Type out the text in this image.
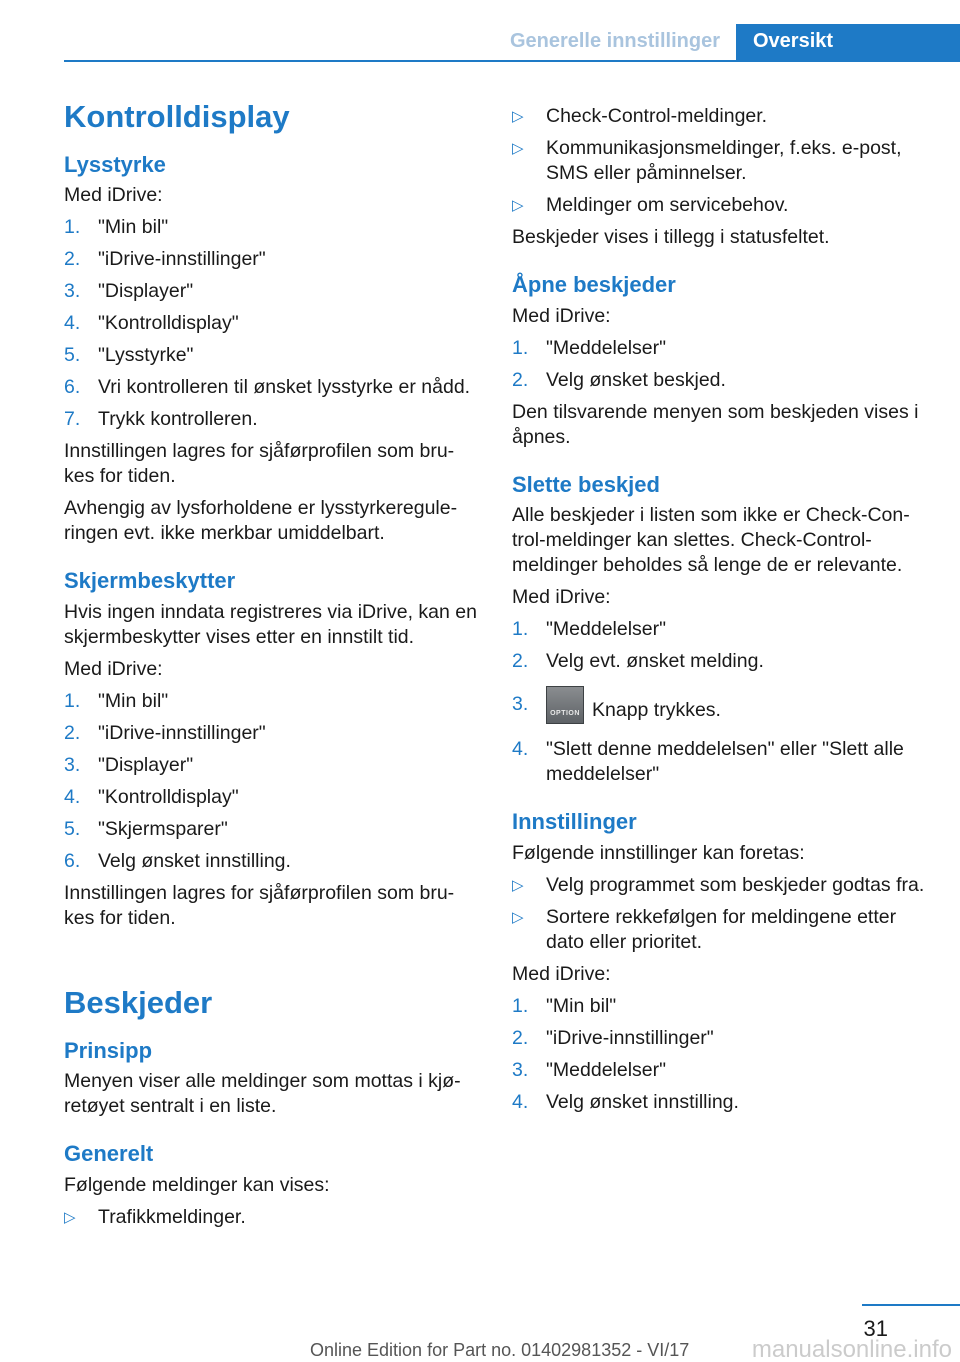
Generelle innstillinger	Oversikt
Kontrolldisplay
Lysstyrke

Med iDrive:

1. "Min bil"
2. "iDrive-innstillinger"
3. "Displayer"
4. "Kontrolldisplay"
5. "Lysstyrke"
6. Vri kontrolleren til ønsket lysstyrke er nådd.
7. Trykk kontrolleren.

Innstillingen lagres for sjåførprofilen som bru- kes for tiden.

Avhengig av lysforholdene er lysstyrkeregule- ringen evt. ikke merkbar umiddelbart.

Skjermbeskytter

Hvis ingen inndata registreres via iDrive, kan en skjermbeskytter vises etter en innstilt tid.

Med iDrive:

1. "Min bil"
2. "iDrive-innstillinger"
3. "Displayer"
4. "Kontrolldisplay"
5. "Skjermsparer"
6. Velg ønsket innstilling.

Innstillingen lagres for sjåførprofilen som bru- kes for tiden.

Beskjeder
Prinsipp

Menyen viser alle meldinger som mottas i kjø- retøyet sentralt i en liste.

Generelt

Følgende meldinger kan vises:

▷ Trafikkmeldinger.
▷ Check-Control-meldinger.
▷ Kommunikasjonsmeldinger, f.eks. e-post, SMS eller påminnelser.
▷ Meldinger om servicebehov.

Beskjeder vises i tillegg i statusfeltet.

Åpne beskjeder

Med iDrive:

1. "Meddelelser"
2. Velg ønsket beskjed.

Den tilsvarende menyen som beskjeden vises i åpnes.

Slette beskjed

Alle beskjeder i listen som ikke er Check-Con- trol-meldinger kan slettes. Check-Control- meldinger beholdes så lenge de er relevante.

Med iDrive:

1. "Meddelelser"
2. Velg evt. ønsket melding.
3.	OPTION Knapp trykkes.
4. "Slett denne meddelelsen" eller "Slett alle meddelelser"
Innstillinger

Følgende innstillinger kan foretas:

▷ Velg programmet som beskjeder godtas fra.
▷ Sortere rekkefølgen for meldingene etter dato eller prioritet.

Med iDrive:

1. "Min bil"
2. "iDrive-innstillinger"
3. "Meddelelser"
4. Velg ønsket innstilling.
31
Online Edition for Part no. 01402981352 - VI/17	manualsonline.info
